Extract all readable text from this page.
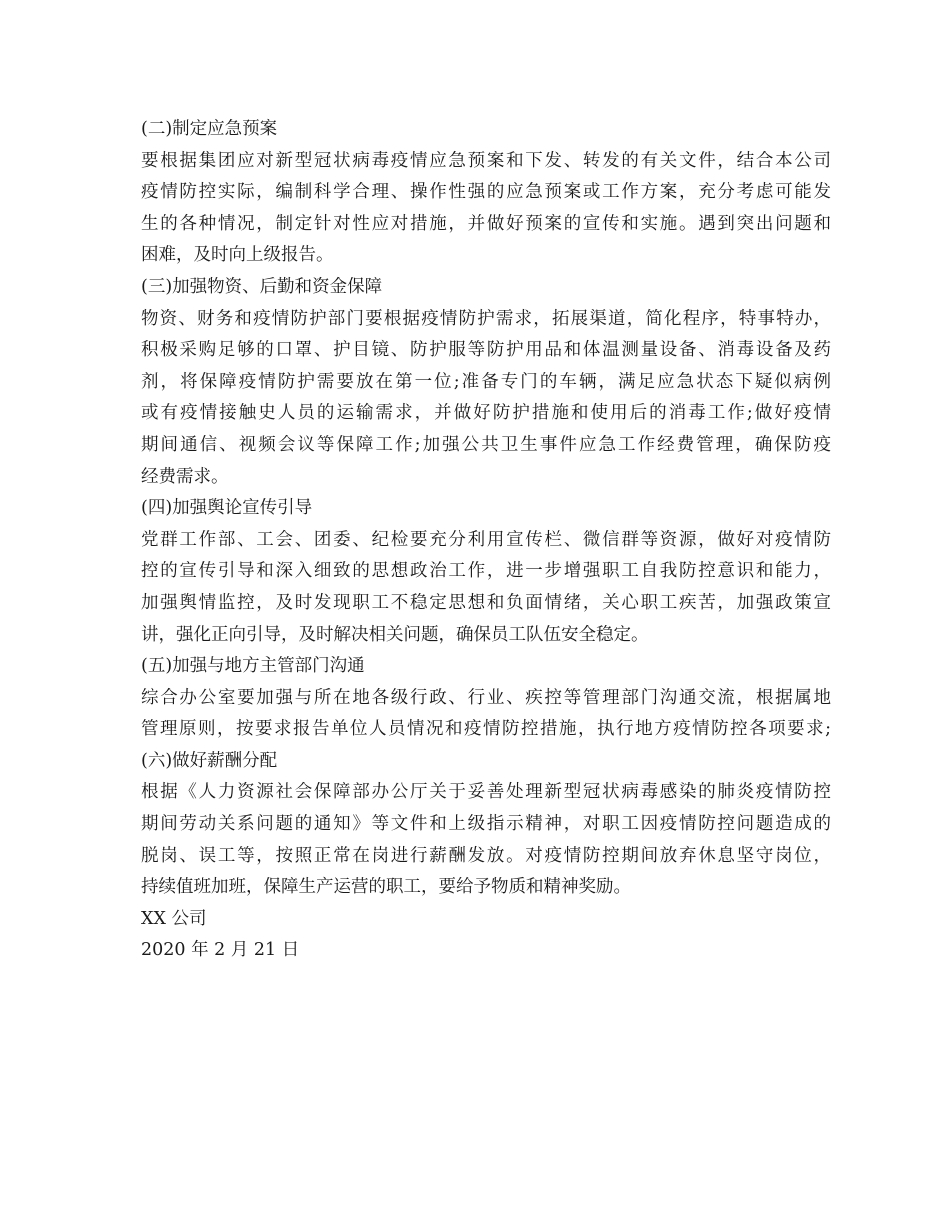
(二)制定应急预案
要根据集团应对新型冠状病毒疫情应急预案和下发、转发的有关文件，结合本公司
疫情防控实际，编制科学合理、操作性强的应急预案或工作方案，充分考虑可能发
生的各种情况，制定针对性应对措施，并做好预案的宣传和实施。遇到突出问题和
困难，及时向上级报告。
(三)加强物资、后勤和资金保障
物资、财务和疫情防护部门要根据疫情防护需求，拓展渠道，简化程序，特事特办，
积极采购足够的口罩、护目镜、防护服等防护用品和体温测量设备、消毒设备及药
剂，将保障疫情防护需要放在第一位;准备专门的车辆，满足应急状态下疑似病例
或有疫情接触史人员的运输需求，并做好防护措施和使用后的消毒工作;做好疫情
期间通信、视频会议等保障工作;加强公共卫生事件应急工作经费管理，确保防疫
经费需求。
(四)加强舆论宣传引导
党群工作部、工会、团委、纪检要充分利用宣传栏、微信群等资源，做好对疫情防
控的宣传引导和深入细致的思想政治工作，进一步增强职工自我防控意识和能力，
加强舆情监控，及时发现职工不稳定思想和负面情绪，关心职工疾苦，加强政策宣
讲，强化正向引导，及时解决相关问题，确保员工队伍安全稳定。
(五)加强与地方主管部门沟通
综合办公室要加强与所在地各级行政、行业、疾控等管理部门沟通交流，根据属地
管理原则，按要求报告单位人员情况和疫情防控措施，执行地方疫情防控各项要求;
(六)做好薪酬分配
根据《人力资源社会保障部办公厅关于妥善处理新型冠状病毒感染的肺炎疫情防控
期间劳动关系问题的通知》等文件和上级指示精神，对职工因疫情防控问题造成的
脱岗、误工等，按照正常在岗进行薪酬发放。对疫情防控期间放弃休息坚守岗位，
持续值班加班，保障生产运营的职工，要给予物质和精神奖励。
XX 公司
2020 年 2 月 21 日
